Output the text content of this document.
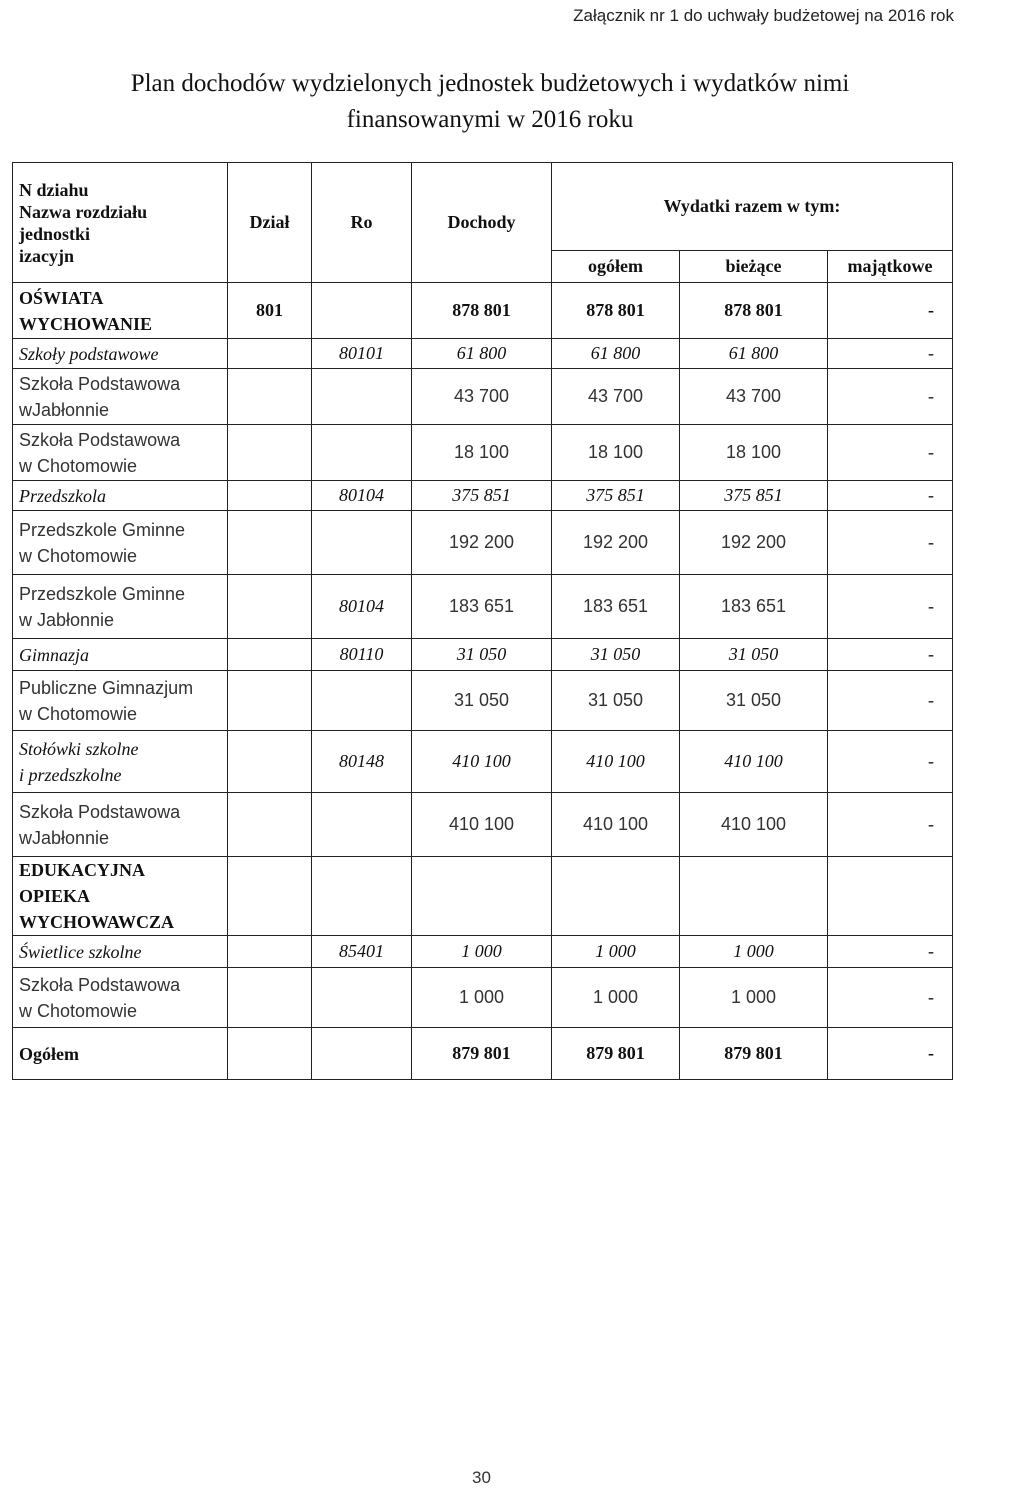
Załącznik nr 1 do uchwały budżetowej na 2016 rok
Plan dochodów wydzielonych jednostek budżetowych i wydatków nimi
finansowanymi w 2016 roku
N dziahu
Nazwa rozdziału
jednostki
izacyjn	Dział	Ro	Dochody	Wydatki razem w tym:		
				ogółem	bieżące	majątkowe

OŚWIATA
WYCHOWANIE	801		878 801	878 801	878 801	-

Szkoły podstawowe		80101	61 800	61 800	61 800	-

Szkoła Podstawowa
wJabłonnie			43 700	43 700	43 700	-

Szkoła Podstawowa
w Chotomowie			18 100	18 100	18 100	-

Przedszkola		80104	375 851	375 851	375 851	-

Przedszkole Gminne
w Chotomowie			192 200	192 200	192 200	-

Przedszkole Gminne
w Jabłonnie		80104	183 651	183 651	183 651	-

Gimnazja		80110	31 050	31 050	31 050	-

Publiczne Gimnazjum
w Chotomowie			31 050	31 050	31 050	-

Stołówki szkolne
i przedszkolne		80148	410 100	410 100	410 100	-

Szkoła Podstawowa
wJabłonnie			410 100	410 100	410 100	-

EDUKACYJNA
OPIEKA
WYCHOWAWCZA						

Świetlice szkolne		85401	1 000	1 000	1 000	-

Szkoła Podstawowa
w Chotomowie			1 000	1 000	1 000	-
Ogółem			879 801	879 801	879 801	-
30
